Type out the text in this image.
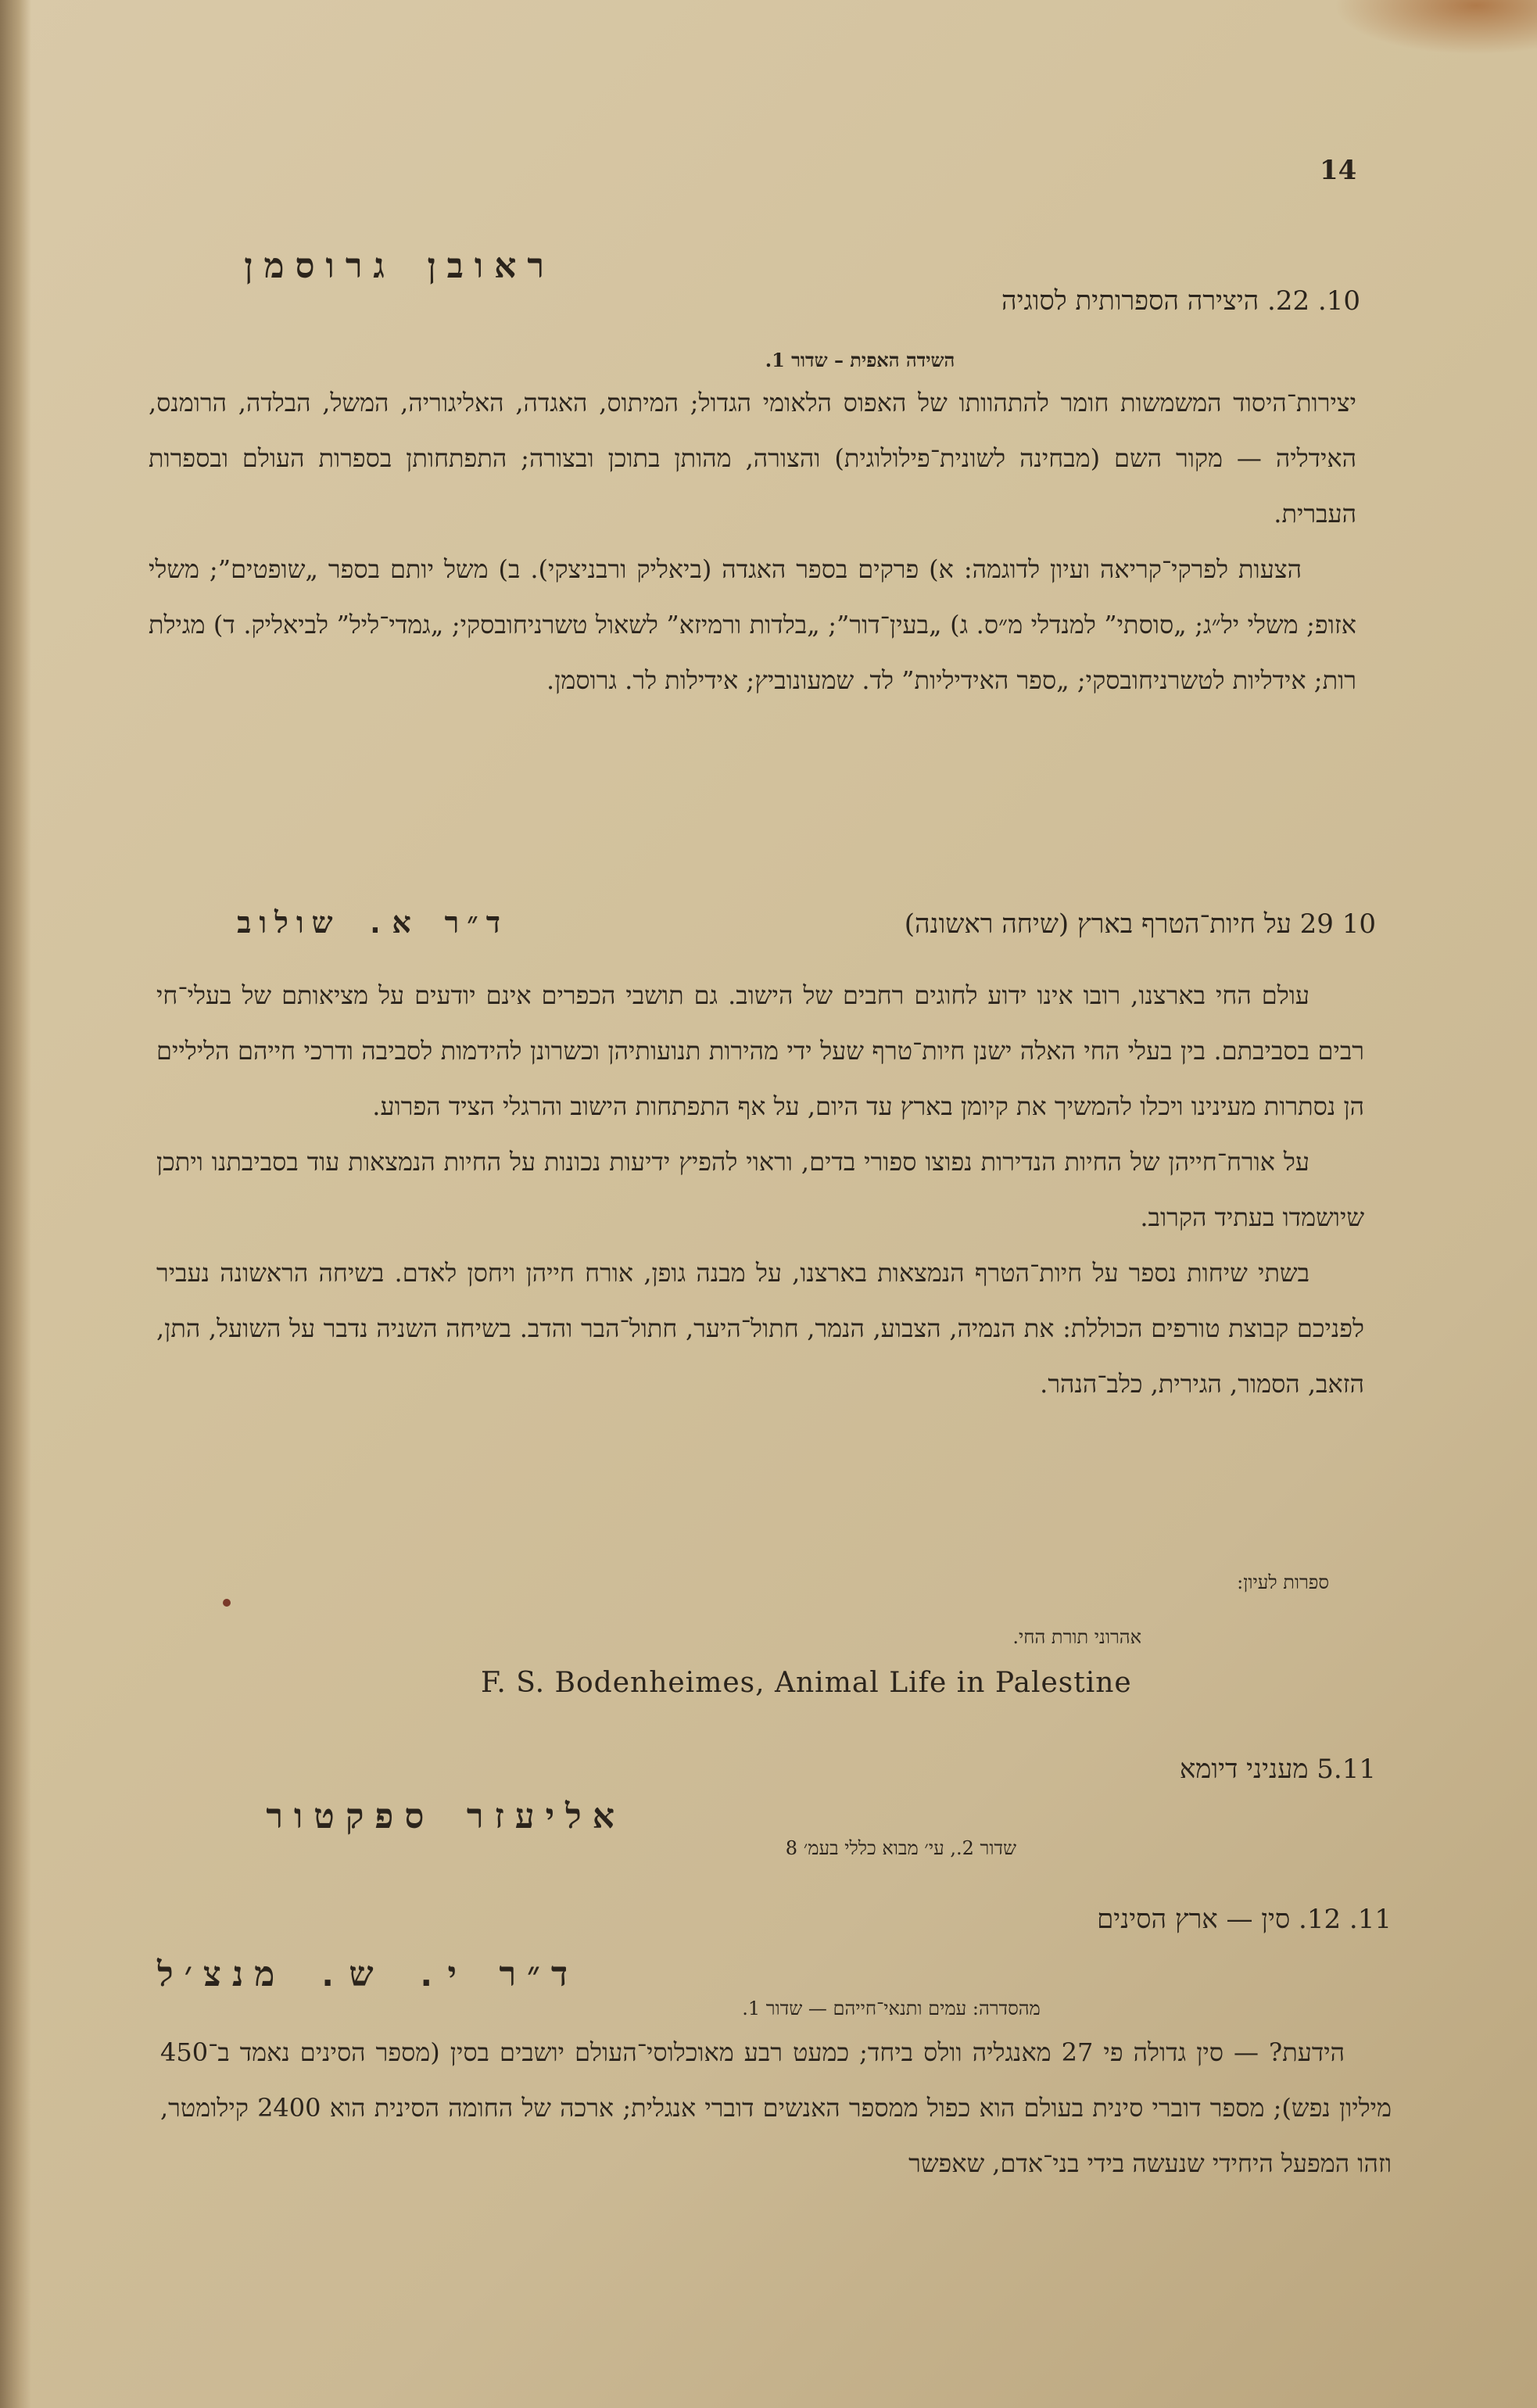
14
ראובן גרוסמן
10. 22. היצירה הספרותית לסוגיה
השידה האפית – שדור 1.

יצירות־היסוד המשמשות חומר להתהוותו של האפוס הלאומי הגדול; המיתוס, האגדה, האליגוריה, המשל, הבלדה, הרומנס, האידליה — מקור השם (מבחינה לשונית־פילולוגית) והצורה, מהותן בתוכן ובצורה; התפתחותן בספרות העולם ובספרות העברית.

הצעות לפרקי־קריאה ועיון לדוגמה: א) פרקים בספר האגדה (ביאליק ורבניצקי). ב) משל יותם בספר „שופטים”; משלי אזופ; משלי יל״ג; „סוסתי” למנדלי מ״ס. ג) „בעין־דור”; „בלדות ורמיזא” לשאול טשרניחובסקי; „גמדי־ליל” לביאליק. ד) מגילת רות; אידליות לטשרניחובסקי; „ספר האידיליות” לד. שמעונוביץ; אידילות לר. גרוסמן.

ד״ר א. שולוב	10 29 על חיות־הטרף בארץ (שיחה ראשונה)

עולם החי בארצנו, רובו אינו ידוע לחוגים רחבים של הישוב. גם תושבי הכפרים אינם יודעים על מציאותם של בעלי־חי רבים בסביבתם. בין בעלי החי האלה ישנן חיות־טרף שעל ידי מהירות תנועותיהן וכשרונן להידמות לסביבה ודרכי חייהם הליליים הן נסתרות מעינינו ויכלו להמשיך את קיומן בארץ עד היום, על אף התפתחות הישוב והרגלי הציד הפרוע.

על אורח־חייהן של החיות הנדירות נפוצו ספורי בדים, וראוי להפיץ ידיעות נכונות על החיות הנמצאות עוד בסביבתנו ויתכן שיושמדו בעתיד הקרוב.

בשתי שיחות נספר על חיות־הטרף הנמצאות בארצנו, על מבנה גופן, אורח חייהן ויחסן לאדם. בשיחה הראשונה נעביר לפניכם קבוצת טורפים הכוללת: את הנמיה, הצבוע, הנמר, חתול־היער, חתול־הבר והדב. בשיחה השניה נדבר על השועל, התן, הזאב, הסמור, הגירית, כלב־הנהר.

ספרות לעיון:
אהרוני תורת החי.
F. S. Bodenheimes, Animal Life in Palestine
5.11 מעניני דיומא
אליעזר ספקטור
שדור 2., עי׳ מבוא כללי בעמ׳ 8
11. 12. סין — ארץ הסינים
ד״ר י. ש. מנצ׳ל
מהסדרה: עמים ותנאי־חייהם — שדור 1.

הידעת? — סין גדולה פי 27 מאנגליה וולס ביחד; כמעט רבע מאוכלוסי־העולם יושבים בסין (מספר הסינים נאמד ב־450 מיליון נפש); מספר דוברי סינית בעולם הוא כפול ממספר האנשים דוברי אנגלית; ארכה של החומה הסינית הוא 2400 קילומטר, וזהו המפעל היחידי שנעשה בידי בני־אדם, שאפשר
